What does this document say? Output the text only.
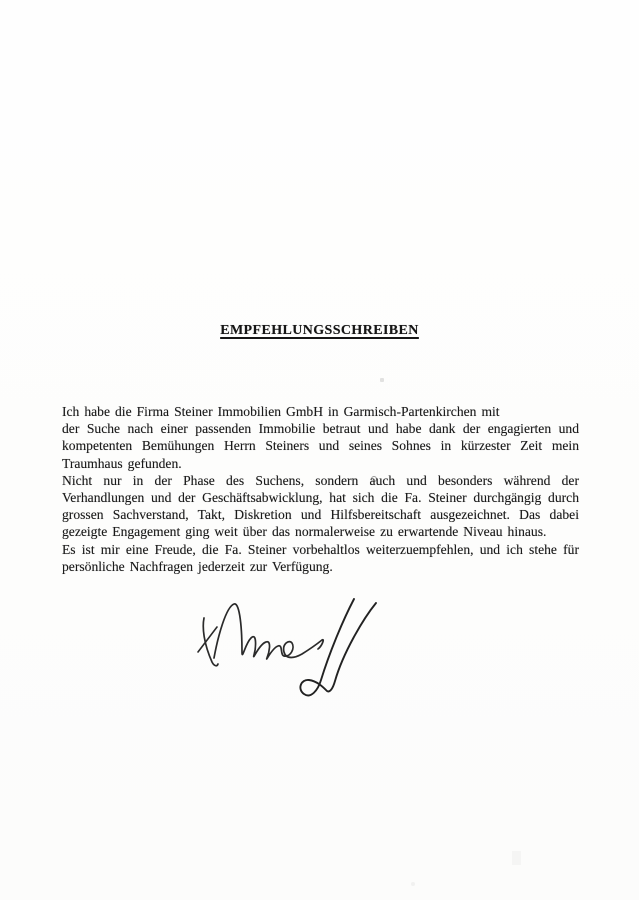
EMPFEHLUNGSSCHREIBEN

Ich habe die Firma Steiner Immobilien GmbH in Garmisch-Partenkirchen mit
der Suche nach einer passenden Immobilie betraut und habe dank der engagierten und kompetenten Bemühungen Herrn Steiners und seines Sohnes in kürzester Zeit mein Traumhaus gefunden.

Nicht nur in der Phase des Suchens, sondern auch und besonders während der Verhandlungen und der Geschäftsabwicklung, hat sich die Fa. Steiner durchgängig durch grossen Sachverstand, Takt, Diskretion und Hilfsbereitschaft ausgezeichnet. Das dabei gezeigte Engagement ging weit über das normalerweise zu erwartende Niveau hinaus.

Es ist mir eine Freude, die Fa. Steiner vorbehaltlos weiterzuempfehlen, und ich stehe für persönliche Nachfragen jederzeit zur Verfügung.
